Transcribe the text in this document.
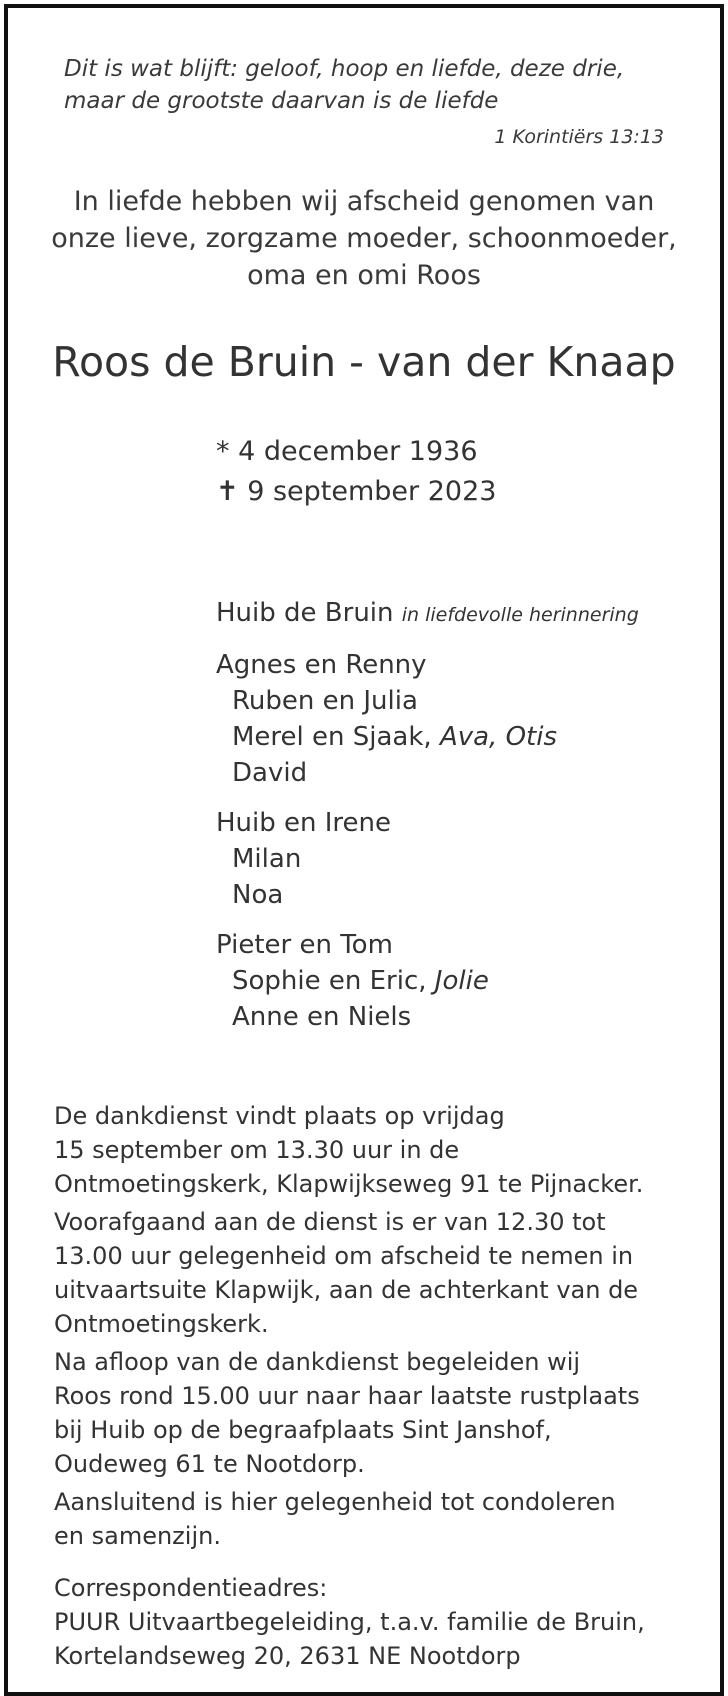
Dit is wat blijft: geloof, hoop en liefde, deze drie,
maar de grootste daarvan is de liefde
1 Korintiërs 13:13
In liefde hebben wij afscheid genomen van
onze lieve, zorgzame moeder, schoonmoeder,
oma en omi Roos
Roos de Bruin - van der Knaap
* 4 december 1936
✝ 9 september 2023
Huib de Bruin in liefdevolle herinnering
Agnes en Renny
Ruben en Julia
Merel en Sjaak, Ava, Otis
David
Huib en Irene
Milan
Noa
Pieter en Tom
Sophie en Eric, Jolie
Anne en Niels
De dankdienst vindt plaats op vrijdag
15 september om 13.30 uur in de
Ontmoetingskerk, Klapwijkseweg 91 te Pijnacker.
Voorafgaand aan de dienst is er van 12.30 tot
13.00 uur gelegenheid om afscheid te nemen in
uitvaartsuite Klapwijk, aan de achterkant van de
Ontmoetingskerk.
Na afloop van de dankdienst begeleiden wij
Roos rond 15.00 uur naar haar laatste rustplaats
bij Huib op de begraafplaats Sint Janshof,
Oudeweg 61 te Nootdorp.
Aansluitend is hier gelegenheid tot condoleren
en samenzijn.
Correspondentieadres:
PUUR Uitvaartbegeleiding, t.a.v. familie de Bruin,
Kortelandseweg 20, 2631 NE Nootdorp
